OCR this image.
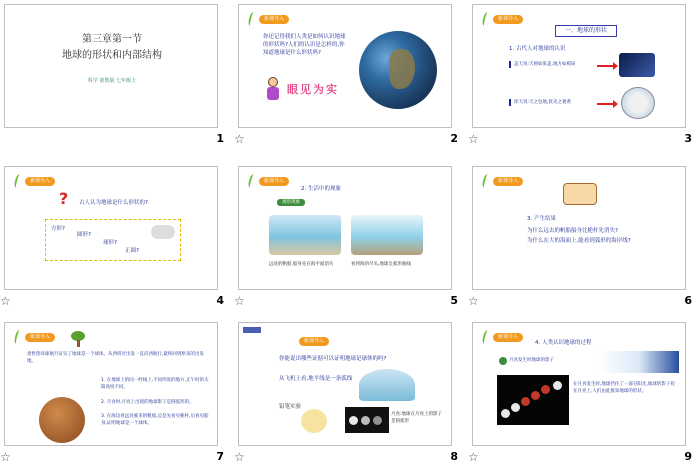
第三章第一节
地球的形状和内部结构
科学 浙教版 七年级上
1
新课导入
你还记得我们人类是如何认识地球的形状吗?人们的认识是怎样的,你知道地球是什么形状吗?
眼见为实
☆	2
新课导入
一、地球的形状
1. 古代人对地球的认识
盖天说:天圆如张盖,地方如棋局
浑天说:天之包地,犹壳之裹黄
☆	3
新课导入
? 古人认为地球是什么形状的?
方形?
圆形?
球形?
正圆?
☆	4
新课导入
2. 生活中的现象
观察现象
远处的帆船,船身先在海平面消失	看到海的尽头,地球呈弧形曲线
☆	5
新课导入
3. 产生结果
为什么远去的帆船船身比桅杆先消失?
为什么在大的海面上,能看到弧形的海岸线?
☆	6
新课导入
麦哲伦环球航行证实了地球是一个球体。从西班牙出发一直向西航行,最终回到原来的出发地。
1. 在地球上的同一经线上,不同纬度的地方,正午时的太阳高度不同。
2. 月食时,月亮上出现的地球影子是圆弧形的。
3. 在海边看远处驶来的帆船,总是先看见桅杆,后看见船身,证明地球是一个球体。
☆	7
新课导入
你能说出哪些证据可以证明地球是球体的吗?
从飞机上看,地平线是一条弧线
铅笔实验
月食:地球在月亮上的影子是圆弧形
☆	8
新课导入
4. 人类认识地球的过程
月食发生时地球的影子
在月食发生时,地球挡住了一部分阳光,地球的影子投在月亮上,人们由此推知地球的形状。
☆	9
